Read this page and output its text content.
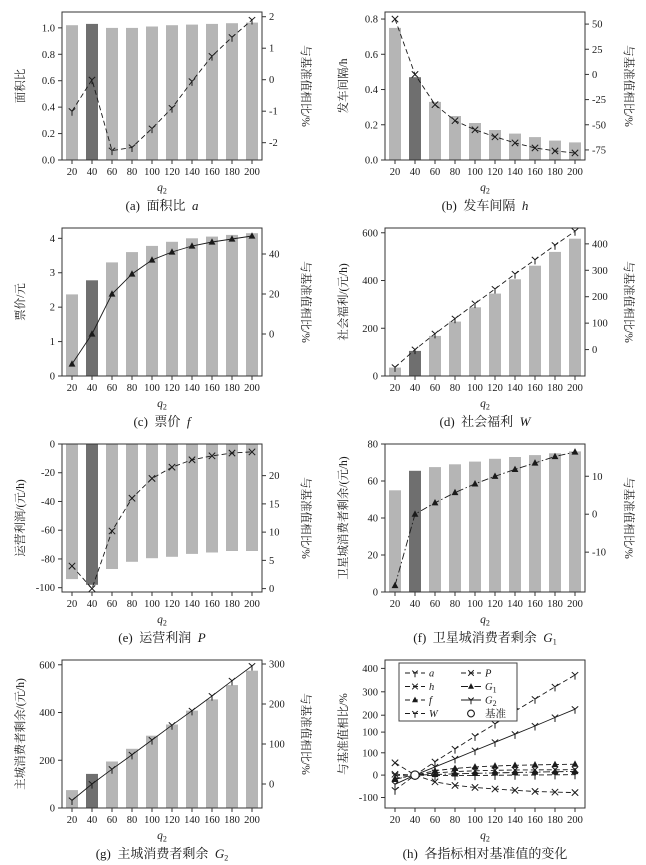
0.0
0.2
0.4
0.6
0.8
1.0
-2
-1
0
1
2
20 40 60 80 100 120 140 160 180 200
面积比	与基准值相比/%
$q_2$
(a) 面积比 a
0.0
0.2
0.4
0.6
0.8	50
25
0
-25
-50
-75
20 40 60 80 100 120 140 160 180 200
发车间隔/h	与基准值相比/%
$q_2$
(b) 发车间隔 h
0
1
2
3
4
0
20
40
20 40 60 80 100 120 140 160 180 200
票价/元	与基准值相比/%
$q_2$
(c) 票价 f
0
200
400
600
0
100
200
300
400
20 40 60 80 100 120 140 160 180 200
社会福利/(元/h)	与基准值相比/%
$q_2$
(d) 社会福利 W
0
-20
-40
-60
-80
-100	0
5
10
15
20
20 40 60 80 100 120 140 160 180 200
运营利润/(元/h)	与基准值相比/%
$q_2$
(e) 运营利润 P
0
20
40
60
80
-10
0
10
20 40 60 80 100 120 140 160 180 200
卫星城消费者剩余/(元/h)	与基准值相比/%
$q_2$
(f) 卫星城消费者剩余 G1
0
200
400
600
0
100
200
300
20 40 60 80 100 120 140 160 180 200
主城消费者剩余/(元/h)	与基准值相比/%
$q_2$
(g) 主城消费者剩余 G2
-100
0
100
100
200
300
400
20 40 60 80 100 120 140 160 180 200
与基准值相比/%
a
h
f
W
P
$G_1$
$G_2$
基准
$q_2$
(h) 各指标相对基准值的变化
